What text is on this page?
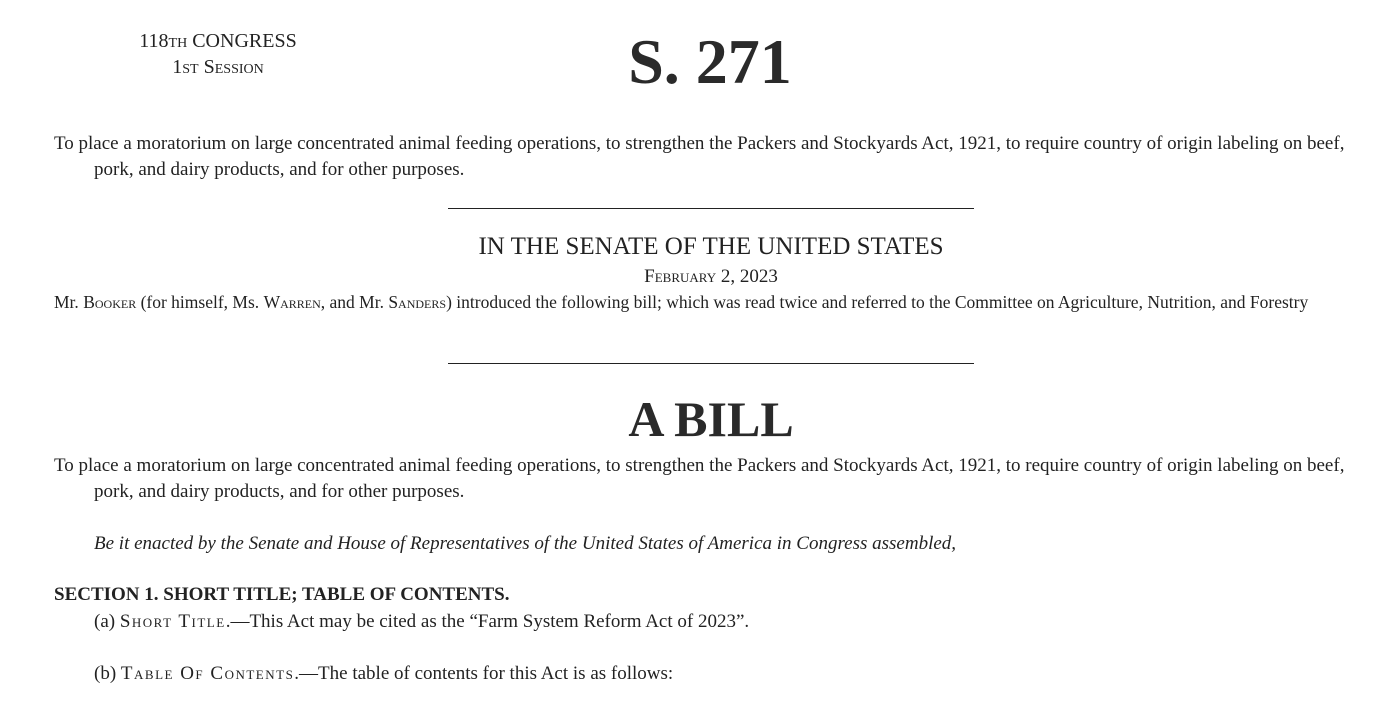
118th CONGRESS
1st Session	S. 271
To place a moratorium on large concentrated animal feeding operations, to strengthen the Packers and Stockyards Act, 1921, to require country of origin labeling on beef, pork, and dairy products, and for other purposes.
IN THE SENATE OF THE UNITED STATES
February 2, 2023
Mr. Booker (for himself, Ms. Warren, and Mr. Sanders) introduced the following bill; which was read twice and referred to the Committee on Agriculture, Nutrition, and Forestry
A BILL
To place a moratorium on large concentrated animal feeding operations, to strengthen the Packers and Stockyards Act, 1921, to require country of origin labeling on beef, pork, and dairy products, and for other purposes.
Be it enacted by the Senate and House of Representatives of the United States of America in Congress assembled,
SECTION 1. SHORT TITLE; TABLE OF CONTENTS.
(a) Short Title.—This Act may be cited as the “Farm System Reform Act of 2023”.
(b) Table Of Contents.—The table of contents for this Act is as follows:
